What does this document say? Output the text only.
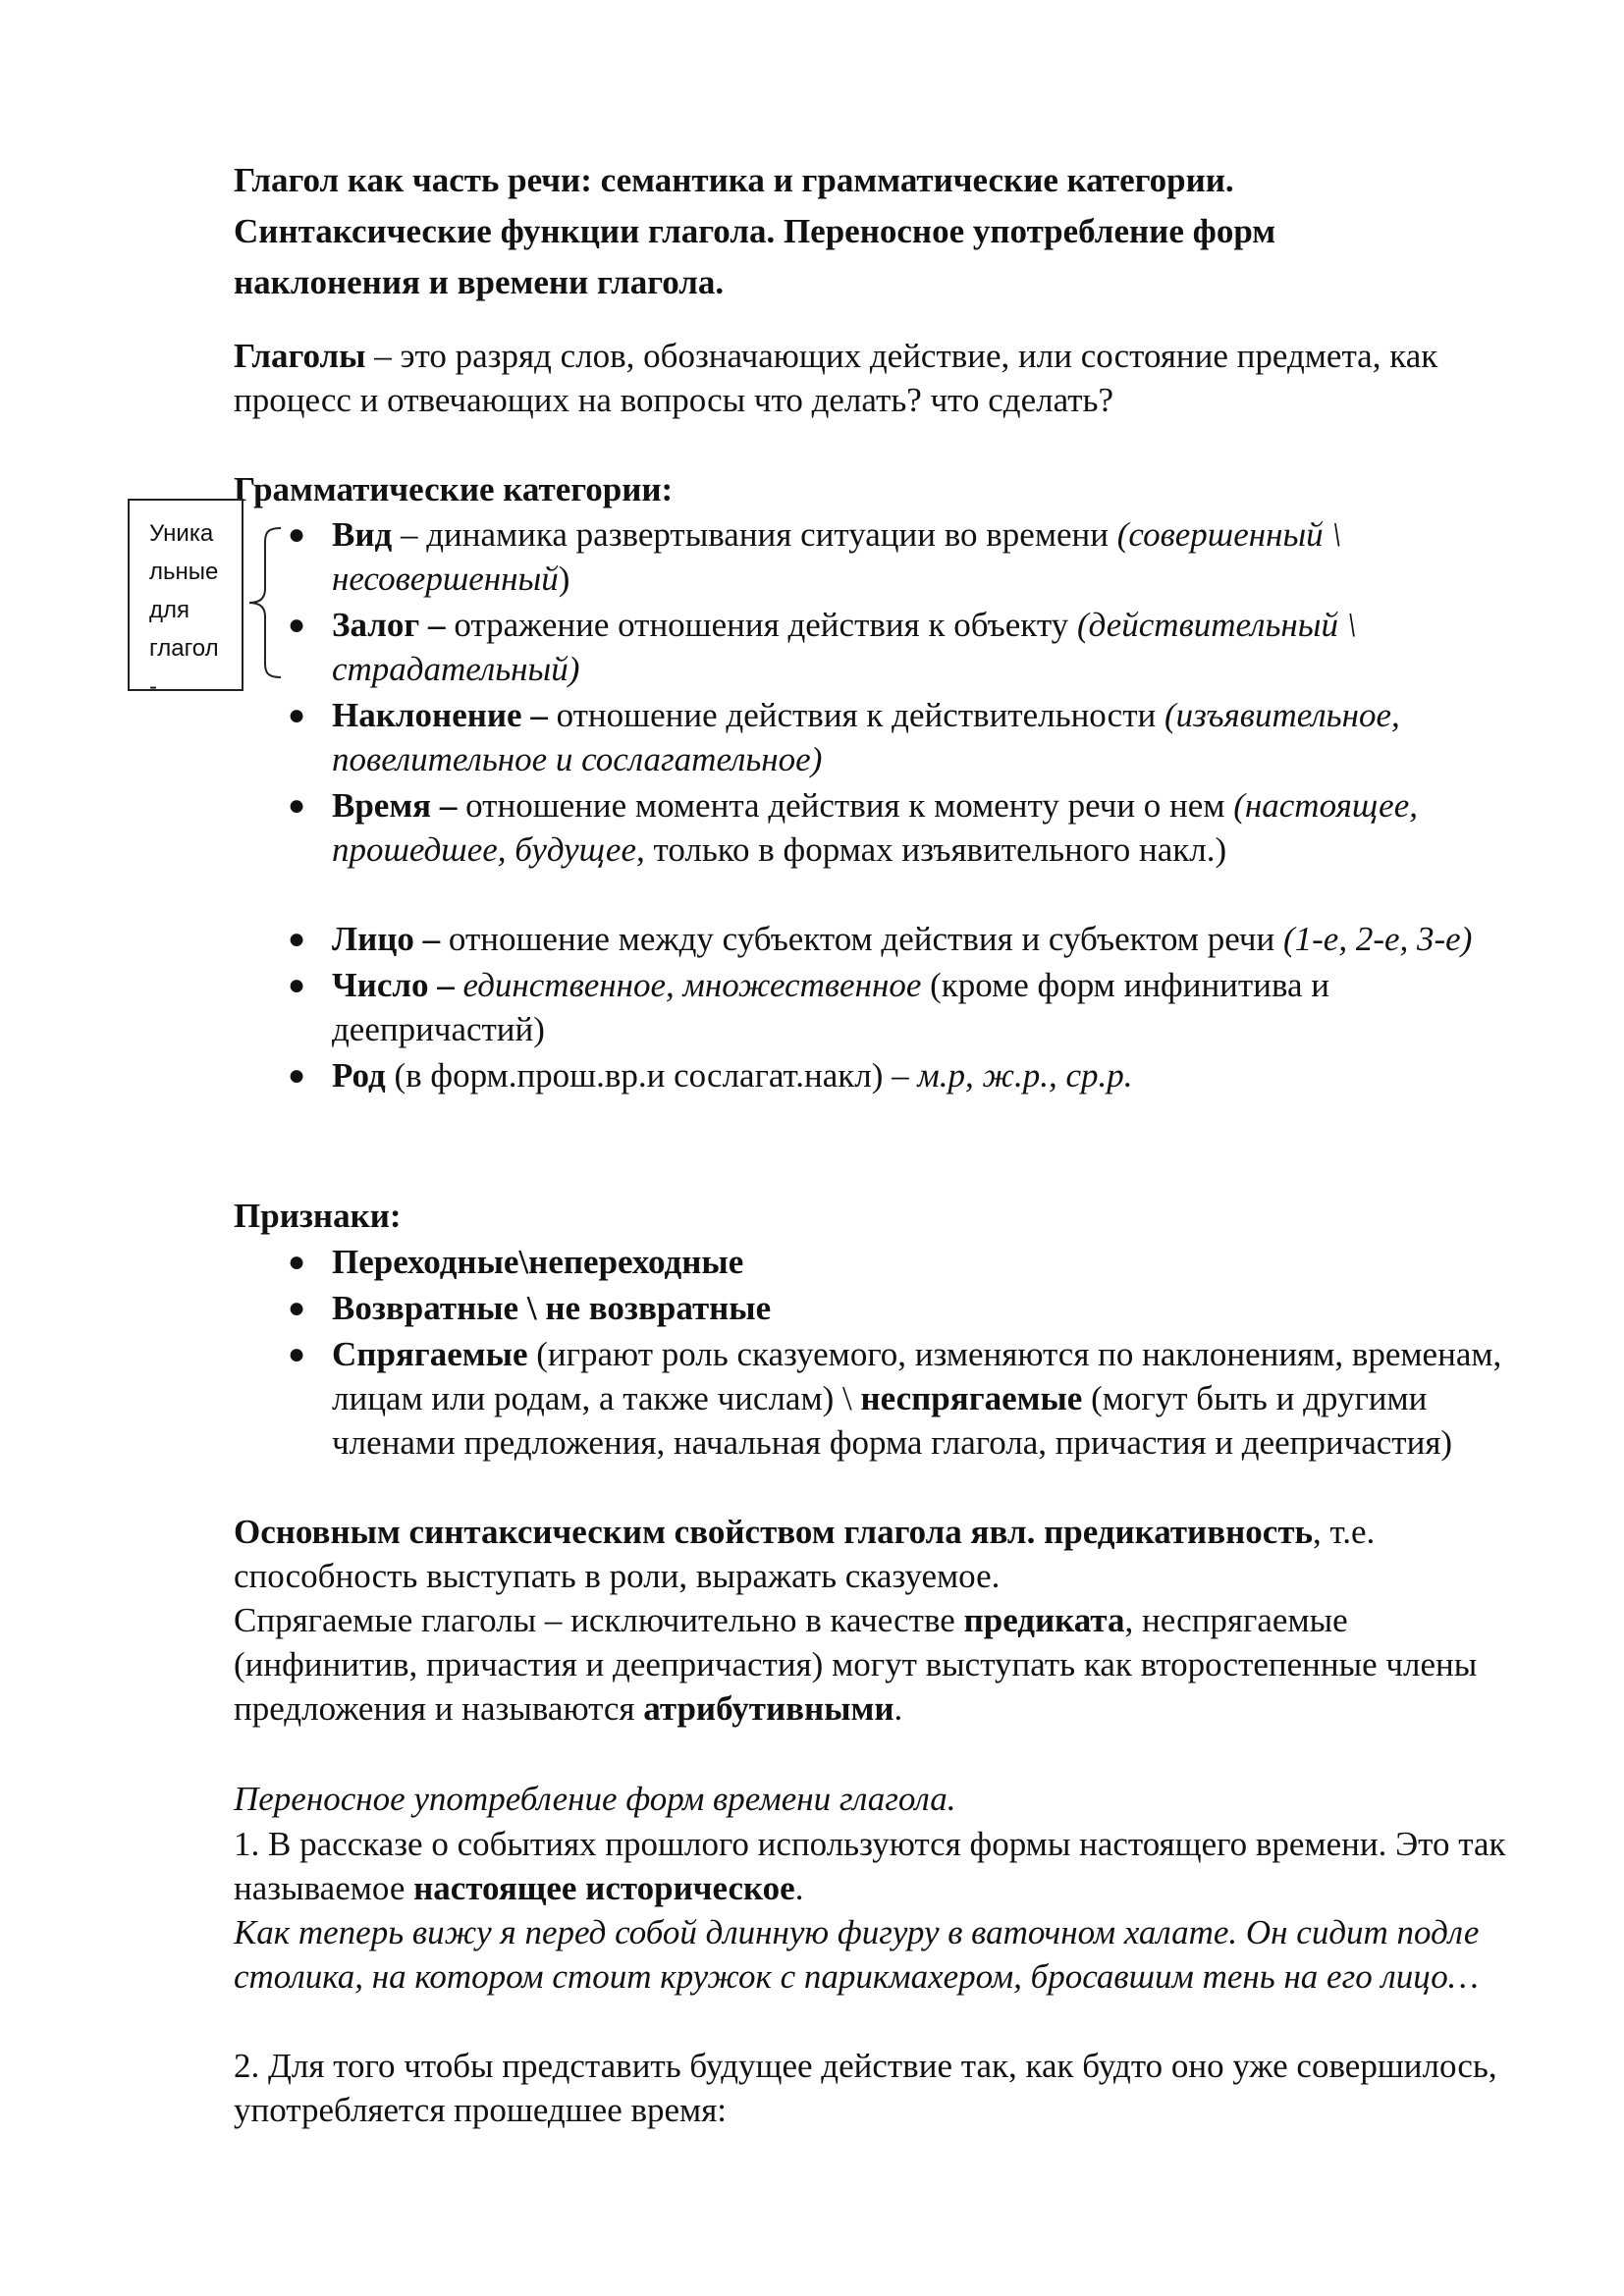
Глагол как часть речи: семантика и грамматические категории.
Синтаксические функции глагола. Переносное употребление форм
наклонения и времени глагола.

Глаголы – это разряд слов, обозначающих действие, или состояние предмета, как процесс и отвечающих на вопросы что делать? что сделать?

Грамматические категории:

Уника
льные
для
глагол
-
● Вид – динамика развертывания ситуации во времени (совершенный \ несовершенный)
● Залог – отражение отношения действия к объекту (действительный \ страдательный)
● Наклонение – отношение действия к действительности (изъявительное, повелительное и сослагательное)
● Время – отношение момента действия к моменту речи о нем (настоящее, прошедшее, будущее, только в формах изъявительного накл.)
● Лицо – отношение между субъектом действия и субъектом речи (1-е, 2-е, 3-е)
● Число – единственное, множественное (кроме форм инфинитива и деепричастий)
● Род (в форм.прош.вр.и сослагат.накл) – м.р, ж.р., ср.р.

Признаки:

● Переходные\непереходные
● Возвратные \ не возвратные
● Спрягаемые (играют роль сказуемого, изменяются по наклонениям, временам, лицам или родам, а также числам) \ неспрягаемые (могут быть и другими членами предложения, начальная форма глагола, причастия и деепричастия)

Основным синтаксическим свойством глагола явл. предикативность, т.е. способность выступать в роли, выражать сказуемое.

Спрягаемые глаголы – исключительно в качестве предиката, неспрягаемые (инфинитив, причастия и деепричастия) могут выступать как второстепенные члены предложения и называются атрибутивными.

Переносное употребление форм времени глагола.

1. В рассказе о событиях прошлого используются формы настоящего времени. Это так называемое настоящее историческое.

Как теперь вижу я перед собой длинную фигуру в ваточном халате. Он сидит подле столика, на котором стоит кружок с парикмахером, бросавшим тень на его лицо…

2. Для того чтобы представить будущее действие так, как будто оно уже совершилось, употребляется прошедшее время:
